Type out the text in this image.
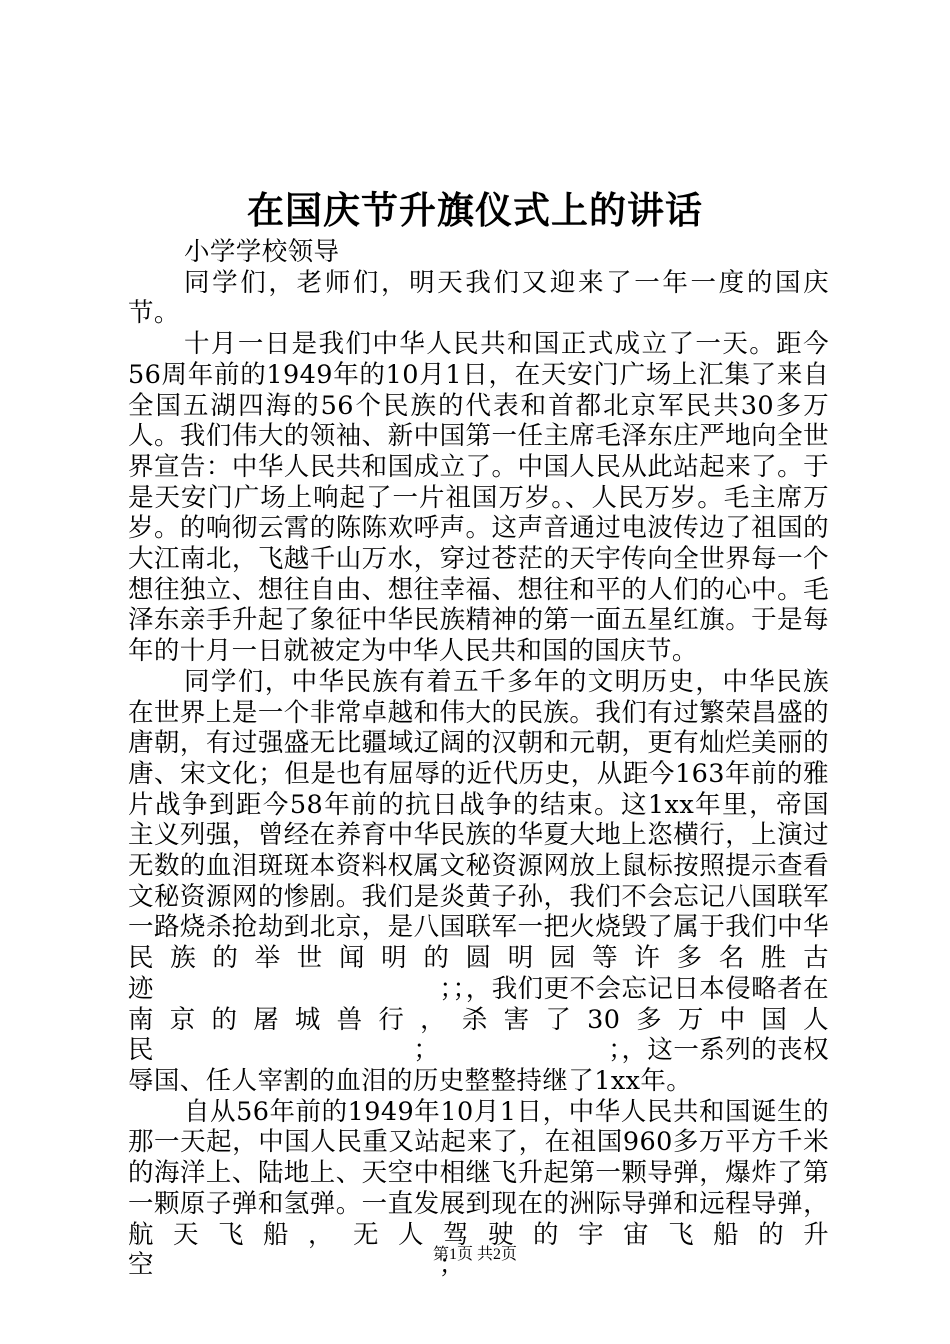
在国庆节升旗仪式上的讲话

小学学校领导

同学们，老师们，明天我们又迎来了一年一度的国庆节。

十月一日是我们中华人民共和国正式成立了一天。距今56周年前的1949年的10月1日，在天安门广场上汇集了来自全国五湖四海的56个民族的代表和首都北京军民共30多万人。我们伟大的领袖、新中国第一任主席毛泽东庄严地向全世界宣告：中华人民共和国成立了。中国人民从此站起来了。于是天安门广场上响起了一片祖国万岁。、人民万岁。毛主席万岁。的响彻云霄的陈陈欢呼声。这声音通过电波传边了祖国的大江南北，飞越千山万水，穿过苍茫的天宇传向全世界每一个想往独立、想往自由、想往幸福、想往和平的人们的心中。毛泽东亲手升起了象征中华民族精神的第一面五星红旗。于是每年的十月一日就被定为中华人民共和国的国庆节。

同学们，中华民族有着五千多年的文明历史，中华民族在世界上是一个非常卓越和伟大的民族。我们有过繁荣昌盛的唐朝，有过强盛无比疆域辽阔的汉朝和元朝，更有灿烂美丽的唐、宋文化；但是也有屈辱的近代历史，从距今163年前的雅片战争到距今58年前的抗日战争的结束。这1xx年里，帝国主义列强，曾经在养育中华民族的华夏大地上恣横行，上演过无数的血泪斑斑本资料权属文秘资源网放上鼠标按照提示查看文秘资源网的惨剧。我们是炎黄子孙，我们不会忘记八国联军一路烧杀抢劫到北京，是八国联军一把火烧毁了属于我们中华民族的举世闻明的圆明园等许多名胜古迹　　　　　　　　　　　；；，我们更不会忘记日本侵略者在南京的屠城兽行，杀害了30多万中国人民　　　　　　　　　　；　　　　　　　；，这一系列的丧权辱国、任人宰割的血泪的历史整整持继了1xx年。

自从56年前的1949年10月1日，中华人民共和国诞生的那一天起，中国人民重又站起来了，在祖国960多万平方千米的海洋上、陆地上、天空中相继飞升起第一颗导弹，爆炸了第一颗原子弹和氢弹。一直发展到现在的洲际导弹和远程导弹，航天飞船，无人驾驶的宇宙飞船的升空　　　　　　　　　　　；

第1页 共2页
